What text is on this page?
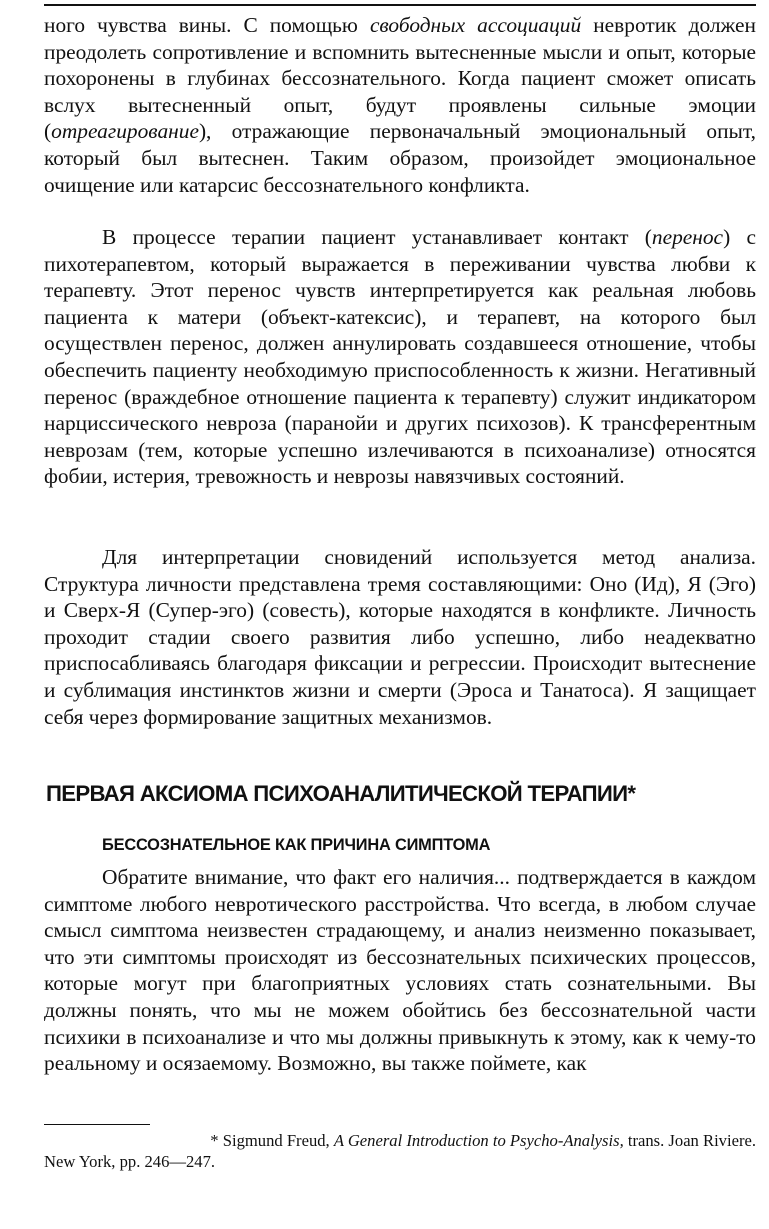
ного чувства вины. С помощью свободных ассоциаций невротик должен преодолеть сопротивление и вспомнить вытесненные мысли и опыт, которые похоронены в глубинах бессознательного. Когда пациент сможет описать вслух вытесненный опыт, будут проявлены сильные эмоции (отреагирование), отражающие первоначальный эмоциональный опыт, который был вытеснен. Таким образом, произойдет эмоциональное очищение или катарсис бессознательного конфликта.

В процессе терапии пациент устанавливает контакт (перенос) с пихотерапевтом, который выражается в переживании чувства любви к терапевту. Этот перенос чувств интерпретируется как реальная любовь пациента к матери (объект-катексис), и терапевт, на которого был осуществлен перенос, должен аннулировать создавшееся отношение, чтобы обеспечить пациенту необходимую приспособленность к жизни. Негативный перенос (враждебное отношение пациента к терапевту) служит индикатором нарциссического невроза (паранойи и других психозов). К трансферентным неврозам (тем, которые успешно излечиваются в психоанализе) относятся фобии, истерия, тревожность и неврозы навязчивых состояний.

Для интерпретации сновидений используется метод анализа. Структура личности представлена тремя составляющими: Оно (Ид), Я (Эго) и Сверх-Я (Супер-эго) (совесть), которые находятся в конфликте. Личность проходит стадии своего развития либо успешно, либо неадекватно приспосабливаясь благодаря фиксации и регрессии. Происходит вытеснение и сублимация инстинктов жизни и смерти (Эроса и Танатоса). Я защищает себя через формирование защитных механизмов.

ПЕРВАЯ АКСИОМА ПСИХОАНАЛИТИЧЕСКОЙ ТЕРАПИИ*
БЕССОЗНАТЕЛЬНОЕ КАК ПРИЧИНА СИМПТОМА

Обратите внимание, что факт его наличия... подтверждается в каждом симптоме любого невротического расстройства. Что всегда, в любом случае смысл симптома неизвестен страдающему, и анализ неизменно показывает, что эти симптомы происходят из бессознательных психических процессов, которые могут при благоприятных условиях стать сознательными. Вы должны понять, что мы не можем обойтись без бессознательной части психики в психоанализе и что мы должны привыкнуть к этому, как к чему-то реальному и осязаемому. Возможно, вы также поймете, как

* Sigmund Freud, A General Introduction to Psycho-Analysis, trans. Joan Riviere.
New York, pp. 246—247.
